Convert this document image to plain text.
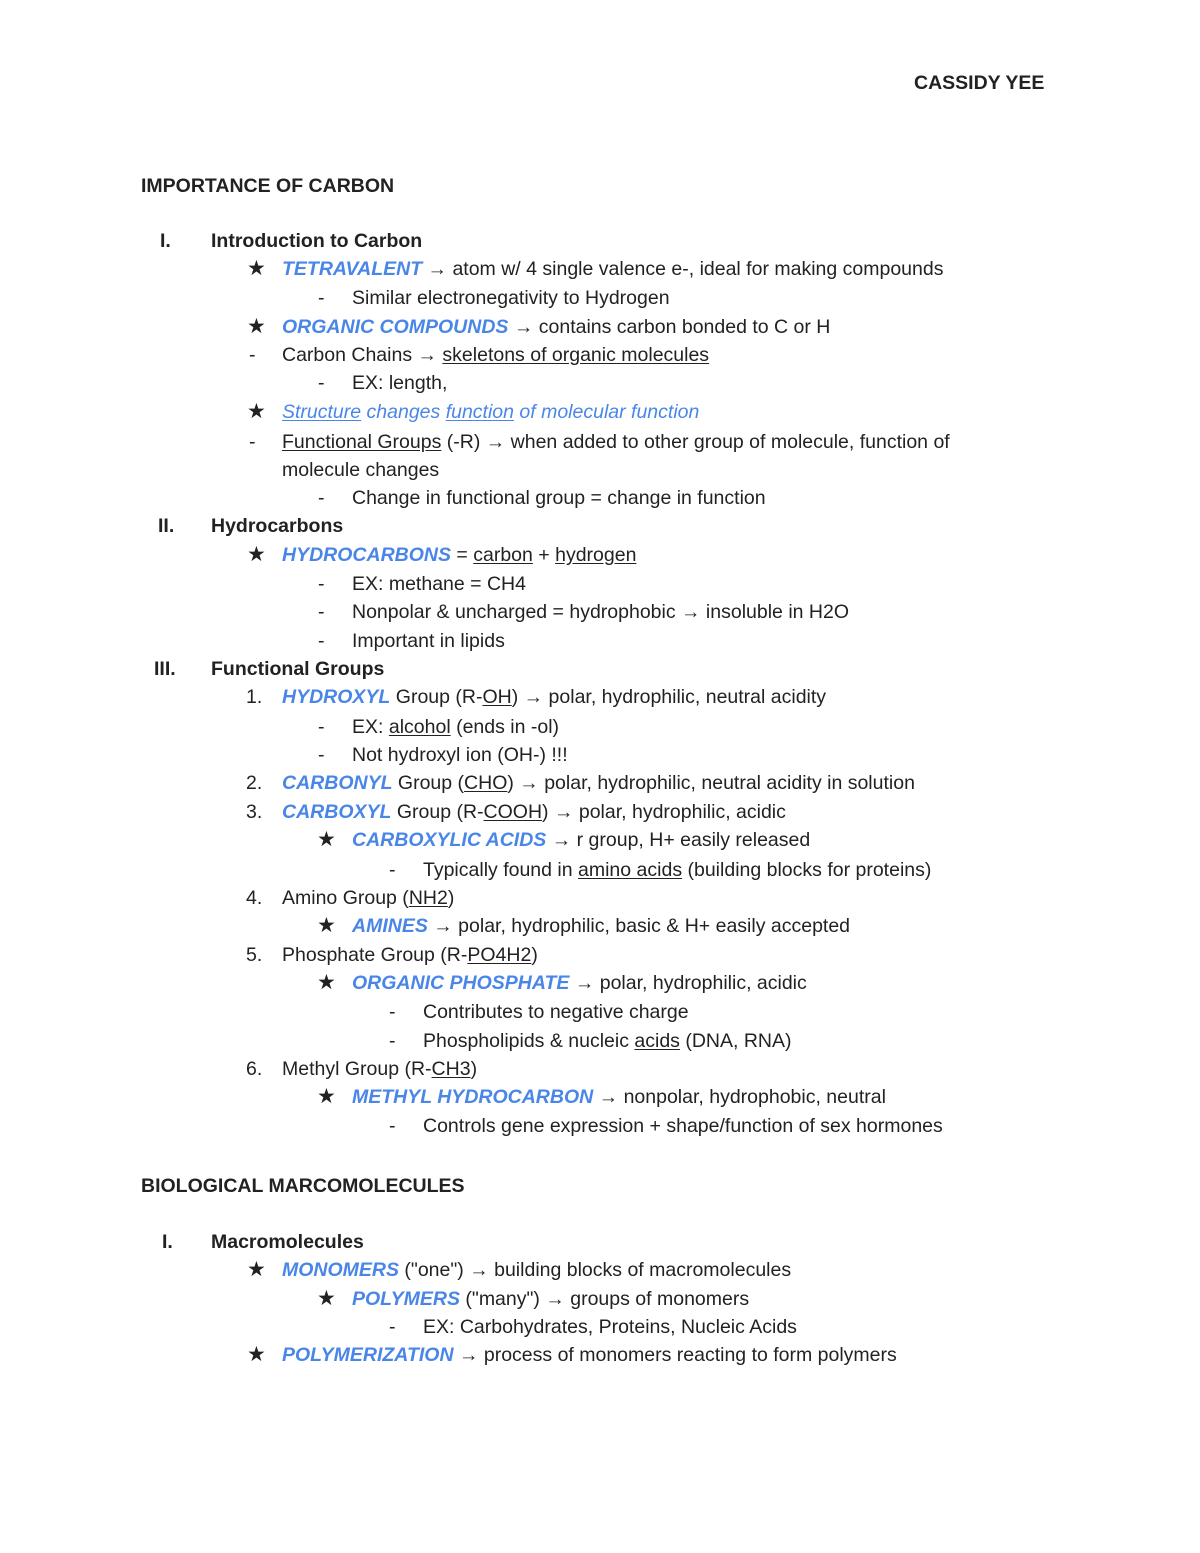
CASSIDY YEE
IMPORTANCE OF CARBON
I. Introduction to Carbon
★ TETRAVALENT → atom w/ 4 single valence e-, ideal for making compounds
- Similar electronegativity to Hydrogen
★ ORGANIC COMPOUNDS → contains carbon bonded to C or H
- Carbon Chains → skeletons of organic molecules
- EX: length,
★ Structure changes function of molecular function
- Functional Groups (-R) → when added to other group of molecule, function of
molecule changes
- Change in functional group = change in function
II. Hydrocarbons
★ HYDROCARBONS = carbon + hydrogen
- EX: methane = CH4
- Nonpolar & uncharged = hydrophobic → insoluble in H2O
- Important in lipids
III. Functional Groups
1. HYDROXYL Group (R-OH) → polar, hydrophilic, neutral acidity
- EX: alcohol (ends in -ol)
- Not hydroxyl ion (OH-) !!!
2. CARBONYL Group (CHO) → polar, hydrophilic, neutral acidity in solution
3. CARBOXYL Group (R-COOH) → polar, hydrophilic, acidic
★ CARBOXYLIC ACIDS → r group, H+ easily released
- Typically found in amino acids (building blocks for proteins)
4. Amino Group (NH2)
★ AMINES → polar, hydrophilic, basic & H+ easily accepted
5. Phosphate Group (R-PO4H2)
★ ORGANIC PHOSPHATE → polar, hydrophilic, acidic
- Contributes to negative charge
- Phospholipids & nucleic acids (DNA, RNA)
6. Methyl Group (R-CH3)
★ METHYL HYDROCARBON → nonpolar, hydrophobic, neutral
- Controls gene expression + shape/function of sex hormones
BIOLOGICAL MARCOMOLECULES
I. Macromolecules
★ MONOMERS ("one") → building blocks of macromolecules
★ POLYMERS ("many") → groups of monomers
- EX: Carbohydrates, Proteins, Nucleic Acids
★ POLYMERIZATION → process of monomers reacting to form polymers
